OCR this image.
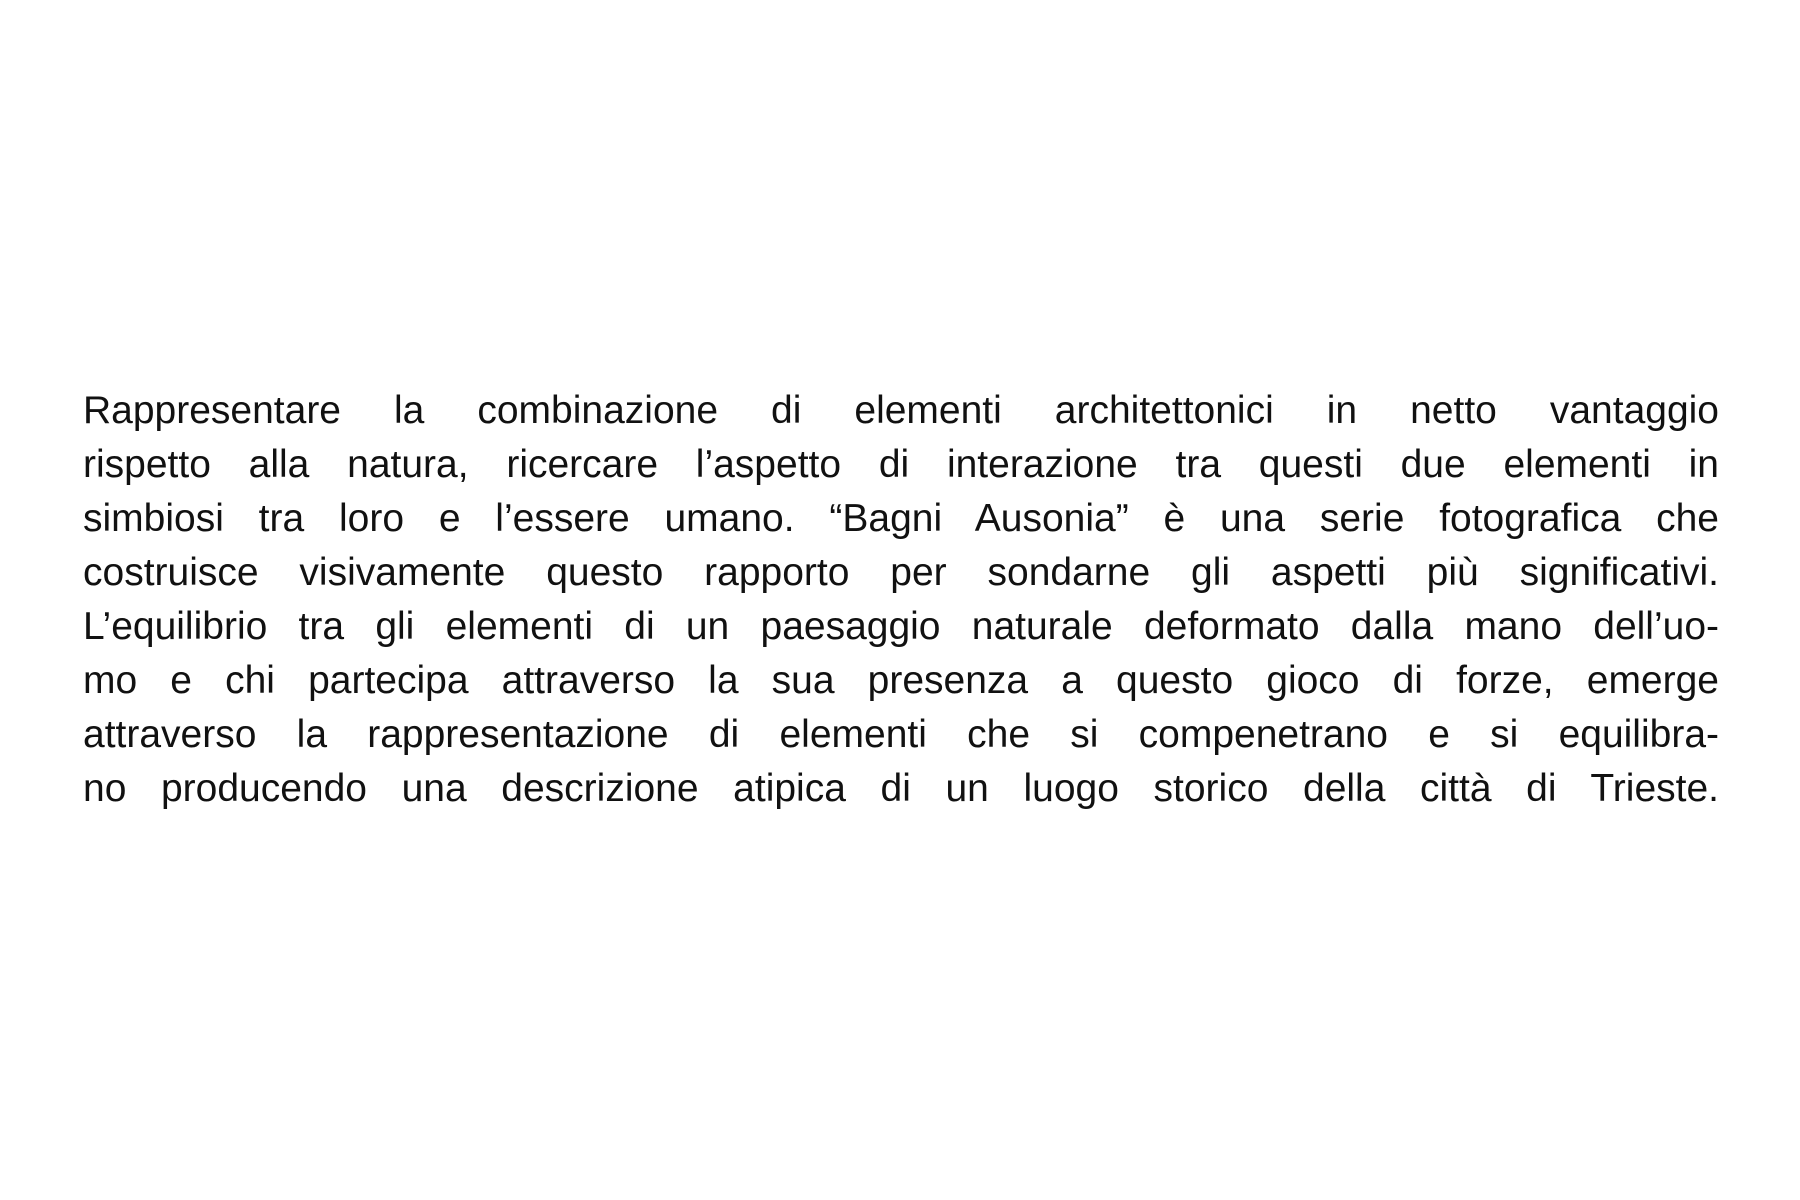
Rappresentare la combinazione di elementi architettonici in netto vantaggio
rispetto alla natura, ricercare l’aspetto di interazione tra questi due elementi in
simbiosi tra loro e l’essere umano. “Bagni Ausonia” è una serie fotografica che
costruisce visivamente questo rapporto per sondarne gli aspetti più significativi.
L’equilibrio tra gli elementi di un paesaggio naturale deformato dalla mano dell’uo-
mo e chi partecipa attraverso la sua presenza a questo gioco di forze, emerge
attraverso la rappresentazione di elementi che si compenetrano e si equilibra-
no producendo una descrizione atipica di un luogo storico della città di Trieste.
